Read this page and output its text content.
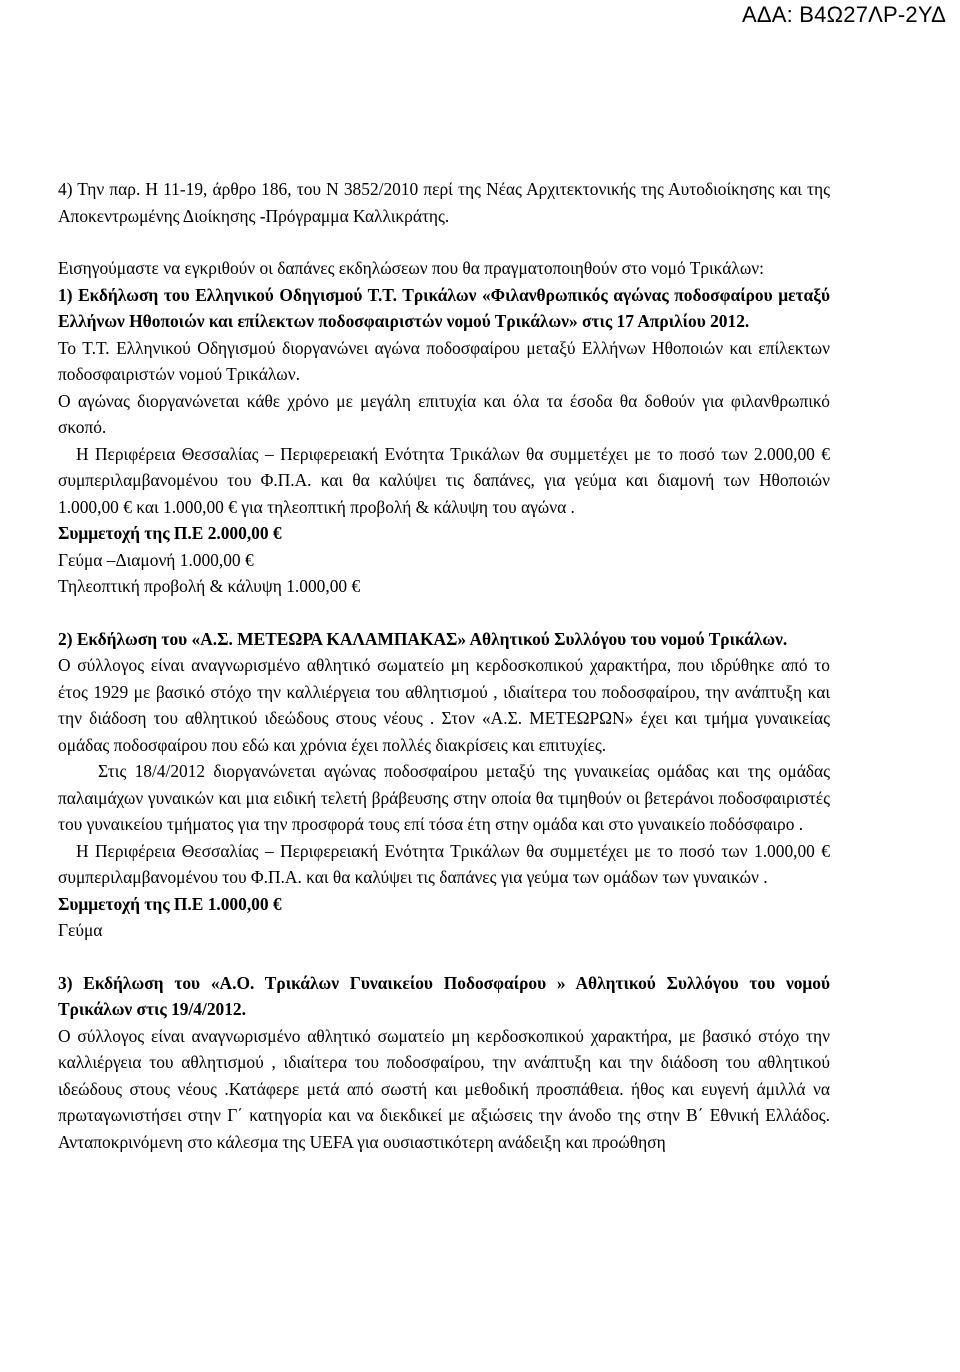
ΑΔΑ: Β4Ω27ΛΡ-2ΥΔ

4) Την παρ. Η 11-19, άρθρο 186, του Ν 3852/2010 περί της Νέας Αρχιτεκτονικής της Αυτοδιοίκησης και της Αποκεντρωμένης Διοίκησης -Πρόγραμμα Καλλικράτης.

Εισηγούμαστε να εγκριθούν οι δαπάνες εκδηλώσεων που θα πραγματοποιηθούν στο νομό Τρικάλων:

1) Εκδήλωση του Ελληνικού Οδηγισμού Τ.Τ. Τρικάλων «Φιλανθρωπικός αγώνας ποδοσφαίρου μεταξύ Ελλήνων Ηθοποιών και επίλεκτων ποδοσφαιριστών νομού Τρικάλων» στις 17 Απριλίου 2012.

Το Τ.Τ. Ελληνικού Οδηγισμού διοργανώνει αγώνα ποδοσφαίρου μεταξύ Ελλήνων Ηθοποιών και επίλεκτων ποδοσφαιριστών νομού Τρικάλων.

Ο αγώνας διοργανώνεται κάθε χρόνο με μεγάλη επιτυχία και όλα τα έσοδα θα δοθούν για φιλανθρωπικό σκοπό.

Η Περιφέρεια Θεσσαλίας – Περιφερειακή Ενότητα Τρικάλων θα συμμετέχει με το ποσό των 2.000,00 € συμπεριλαμβανομένου του Φ.Π.Α. και θα καλύψει τις δαπάνες, για γεύμα και διαμονή των Ηθοποιών 1.000,00 € και 1.000,00 € για τηλεοπτική προβολή & κάλυψη του αγώνα .

Συμμετοχή της Π.Ε 2.000,00 €

Γεύμα –Διαμονή 1.000,00 €

Τηλεοπτική προβολή & κάλυψη 1.000,00 €

2) Εκδήλωση του «Α.Σ. ΜΕΤΕΩΡΑ ΚΑΛΑΜΠΑΚΑΣ» Αθλητικού Συλλόγου του νομού Τρικάλων.

Ο σύλλογος είναι αναγνωρισμένο αθλητικό σωματείο μη κερδοσκοπικού χαρακτήρα, που ιδρύθηκε από το έτος 1929 με βασικό στόχο την καλλιέργεια του αθλητισμού , ιδιαίτερα του ποδοσφαίρου, την ανάπτυξη και την διάδοση του αθλητικού ιδεώδους στους νέους . Στον «Α.Σ. ΜΕΤΕΩΡΩΝ» έχει και τμήμα γυναικείας ομάδας ποδοσφαίρου που εδώ και χρόνια έχει πολλές διακρίσεις και επιτυχίες.

Στις 18/4/2012 διοργανώνεται αγώνας ποδοσφαίρου μεταξύ της γυναικείας ομάδας και της ομάδας παλαιμάχων γυναικών και μια ειδική τελετή βράβευσης στην οποία θα τιμηθούν οι βετεράνοι ποδοσφαιριστές του γυναικείου τμήματος για την προσφορά τους επί τόσα έτη στην ομάδα και στο γυναικείο ποδόσφαιρο .

Η Περιφέρεια Θεσσαλίας – Περιφερειακή Ενότητα Τρικάλων θα συμμετέχει με το ποσό των 1.000,00 € συμπεριλαμβανομένου του Φ.Π.Α. και θα καλύψει τις δαπάνες για γεύμα των ομάδων των γυναικών .

Συμμετοχή της Π.Ε 1.000,00 €

Γεύμα

3) Εκδήλωση του «Α.Ο. Τρικάλων Γυναικείου Ποδοσφαίρου » Αθλητικού Συλλόγου του νομού Τρικάλων στις 19/4/2012.

Ο σύλλογος είναι αναγνωρισμένο αθλητικό σωματείο μη κερδοσκοπικού χαρακτήρα, με βασικό στόχο την καλλιέργεια του αθλητισμού , ιδιαίτερα του ποδοσφαίρου, την ανάπτυξη και την διάδοση του αθλητικού ιδεώδους στους νέους .Κατάφερε μετά από σωστή και μεθοδική προσπάθεια. ήθος και ευγενή άμιλλά να πρωταγωνιστήσει στην Γ΄ κατηγορία και να διεκδικεί με αξιώσεις την άνοδο της στην Β΄ Εθνική Ελλάδος. Ανταποκρινόμενη στο κάλεσμα της UEFA για ουσιαστικότερη ανάδειξη και προώθηση
